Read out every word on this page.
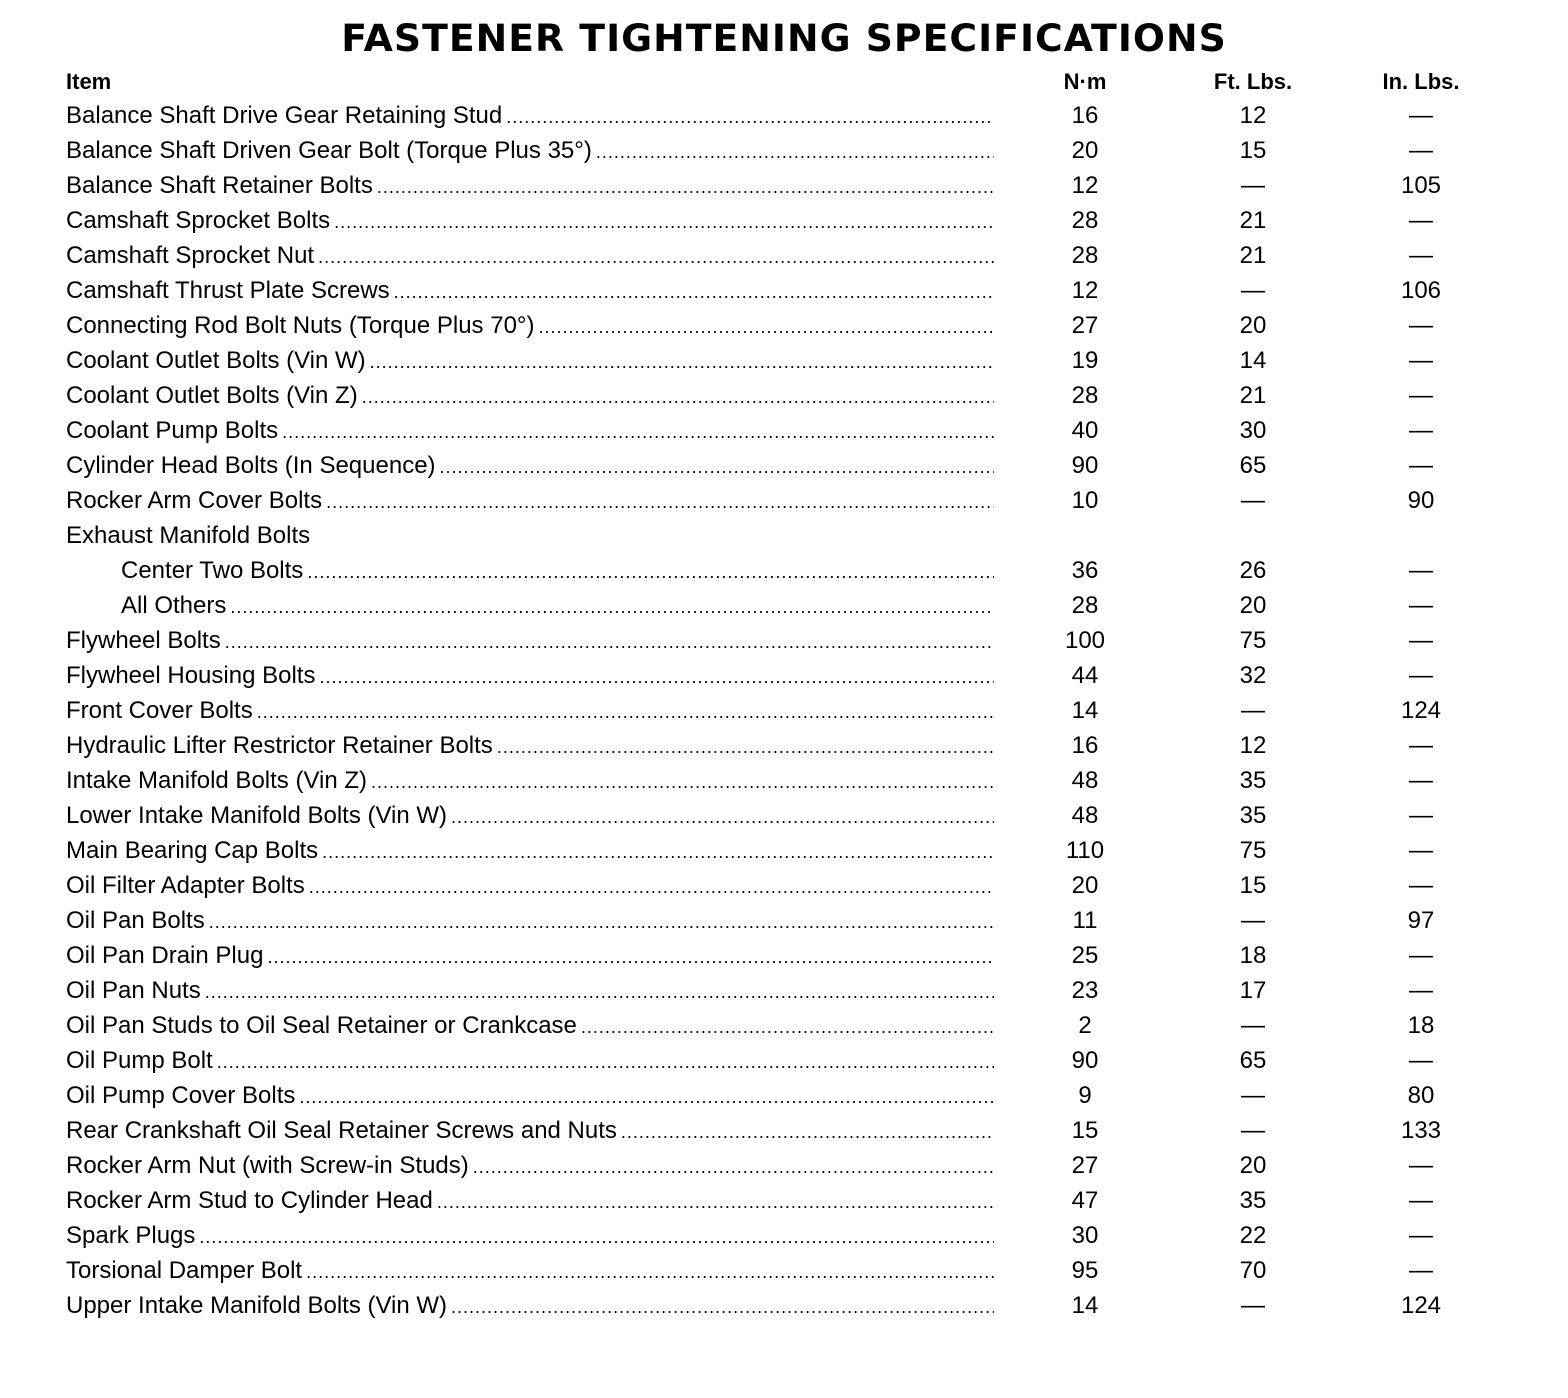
FASTENER TIGHTENING SPECIFICATIONS
Item	N·m	Ft. Lbs.	In. Lbs.
Balance Shaft Drive Gear Retaining Stud .....	16	12	—
Balance Shaft Driven Gear Bolt (Torque Plus 35°) .....	20	15	—
Balance Shaft Retainer Bolts .....	12	—	105
Camshaft Sprocket Bolts .....	28	21	—
Camshaft Sprocket Nut .....	28	21	—
Camshaft Thrust Plate Screws .....	12	—	106
Connecting Rod Bolt Nuts (Torque Plus 70°) .....	27	20	—
Coolant Outlet Bolts (Vin W) .....	19	14	—
Coolant Outlet Bolts (Vin Z) .....	28	21	—
Coolant Pump Bolts .....	40	30	—
Cylinder Head Bolts (In Sequence) .....	90	65	—
Rocker Arm Cover Bolts .....	10	—	90
Exhaust Manifold Bolts
Center Two Bolts .....	36	26	—
All Others .....	28	20	—
Flywheel Bolts .....	100	75	—
Flywheel Housing Bolts .....	44	32	—
Front Cover Bolts .....	14	—	124
Hydraulic Lifter Restrictor Retainer Bolts .....	16	12	—
Intake Manifold Bolts (Vin Z) .....	48	35	—
Lower Intake Manifold Bolts (Vin W) .....	48	35	—
Main Bearing Cap Bolts .....	110	75	—
Oil Filter Adapter Bolts .....	20	15	—
Oil Pan Bolts .....	11	—	97
Oil Pan Drain Plug .....	25	18	—
Oil Pan Nuts .....	23	17	—
Oil Pan Studs to Oil Seal Retainer or Crankcase .....	2	—	18
Oil Pump Bolt .....	90	65	—
Oil Pump Cover Bolts .....	9	—	80
Rear Crankshaft Oil Seal Retainer Screws and Nuts .....	15	—	133
Rocker Arm Nut (with Screw-in Studs) .....	27	20	—
Rocker Arm Stud to Cylinder Head .....	47	35	—
Spark Plugs .....	30	22	—
Torsional Damper Bolt .....	95	70	—
Upper Intake Manifold Bolts (Vin W) .....	14	—	124
